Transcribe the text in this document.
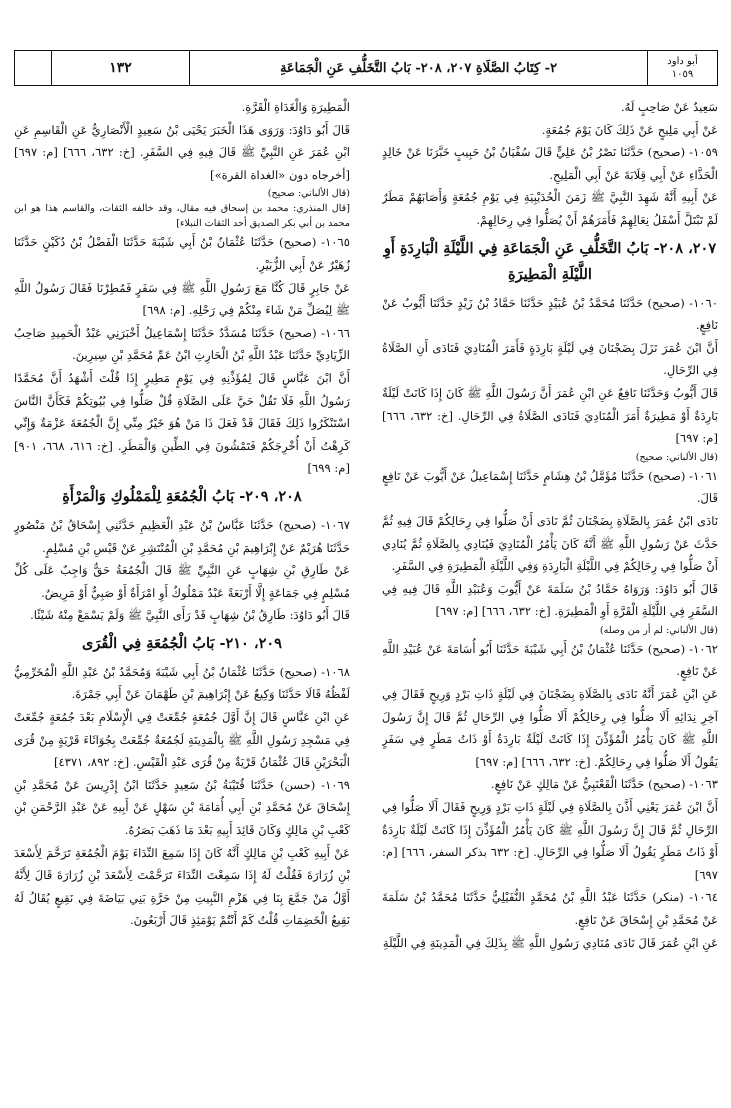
أبو داود
١٠٥٩
٢- كِتَابُ الصَّلَاةِ ٢٠٧، ٢٠٨- بَابُ التَّخَلُّفِ عَنِ الْجَمَاعَةِ
١٣٢

سَعِيدٌ عَنْ صَاحِبٍ لَهُ.

عَنْ أَبِي مَلِيحٍ عَنْ ذَلِكَ كَانَ يَوْمَ جُمُعَةٍ.

١٠٥٩- (صحيح) حَدَّثَنَا نَصْرُ بْنُ عَلِيٍّ قَالَ سُفْيَانُ بْنُ حَبِيبٍ خَبَّرَنَا عَنْ خَالِدٍ الْحَذَّاءِ عَنْ أَبِي قِلَابَةَ عَنْ أَبِي الْمَلِيحِ.

عَنْ أَبِيهِ أَنَّهُ شَهِدَ النَّبِيَّ ﷺ زَمَنَ الْحُدَيْبِيَةِ فِي يَوْمِ جُمُعَةٍ وَأَصَابَهُمْ مَطَرٌ لَمْ تَبْتَلَّ أَسْفَلُ نِعَالِهِمْ فَأَمَرَهُمْ أَنْ يُصَلُّوا فِي رِحَالِهِمْ.

٢٠٧، ٢٠٨- بَابُ التَّخَلُّفِ عَنِ الْجَمَاعَةِ فِي اللَّيْلَةِ الْبَارِدَةِ أَوِ اللَّيْلَةِ الْمَطِيرَةِ

١٠٦٠- (صحيح) حَدَّثَنَا مُحَمَّدُ بْنُ عُبَيْدٍ حَدَّثَنَا حَمَّادُ بْنُ زَيْدٍ حَدَّثَنَا أَيُّوبُ عَنْ نَافِعٍ.

أَنَّ ابْنَ عُمَرَ نَزَلَ بِضَجْنَانَ فِي لَيْلَةٍ بَارِدَةٍ فَأَمَرَ الْمُنَادِيَ فَنَادَى أَنِ الصَّلَاةُ فِي الرِّحَالِ.

قَالَ أَيُّوبُ وَحَدَّثَنَا نَافِعٌ عَنِ ابْنِ عُمَرَ أَنَّ رَسُولَ اللَّهِ ﷺ كَانَ إِذَا كَانَتْ لَيْلَةٌ بَارِدَةٌ أَوْ مَطِيرَةٌ أَمَرَ الْمُنَادِيَ فَنَادَى الصَّلَاةُ فِي الرِّحَالِ. [خ: ٦٣٢، ٦٦٦] [م: ٦٩٧]

(قال الألباني: صحيح)

١٠٦١- (صحيح) حَدَّثَنَا مُؤَمَّلُ بْنُ هِشَامٍ حَدَّثَنَا إِسْمَاعِيلُ عَنْ أَيُّوبَ عَنْ نَافِعٍ قَالَ.

نَادَى ابْنُ عُمَرَ بِالصَّلَاةِ بِضَجْنَانَ ثُمَّ نَادَى أَنْ صَلُّوا فِي رِحَالِكُمْ قَالَ فِيهِ ثُمَّ حَدَّثَ عَنْ رَسُولِ اللَّهِ ﷺ أَنَّهُ كَانَ يَأْمُرُ الْمُنَادِيَ فَيُنَادِي بِالصَّلَاةِ ثُمَّ يُنَادِي أَنْ صَلُّوا فِي رِحَالِكُمْ فِي اللَّيْلَةِ الْبَارِدَةِ وَفِي اللَّيْلَةِ الْمَطِيرَةِ فِي السَّفَرِ.

قَالَ أَبُو دَاوُدَ: وَرَوَاهُ حَمَّادُ بْنُ سَلَمَةَ عَنْ أَيُّوبَ وَعُبَيْدِ اللَّهِ قَالَ فِيهِ فِي السَّفَرِ فِي اللَّيْلَةِ الْقَرَّةِ أَوِ الْمَطِيرَةِ. [خ: ٦٣٢، ٦٦٦] [م: ٦٩٧]

(قال الألباني: لم أر من وصله)

١٠٦٢- (صحيح) حَدَّثَنَا عُثْمَانُ بْنُ أَبِي شَيْبَةَ حَدَّثَنَا أَبُو أُسَامَةَ عَنْ عُبَيْدِ اللَّهِ عَنْ نَافِعٍ.

عَنِ ابْنِ عُمَرَ أَنَّهُ نَادَى بِالصَّلَاةِ بِضَجْنَانَ فِي لَيْلَةٍ ذَاتِ بَرْدٍ وَرِيحٍ فَقَالَ فِي آخِرِ نِدَائِهِ أَلَا صَلُّوا فِي رِحَالِكُمْ أَلَا صَلُّوا فِي الرِّحَالِ ثُمَّ قَالَ إِنَّ رَسُولَ اللَّهِ ﷺ كَانَ يَأْمُرُ الْمُؤَذِّنَ إِذَا كَانَتْ لَيْلَةٌ بَارِدَةٌ أَوْ ذَاتُ مَطَرٍ فِي سَفَرٍ يَقُولُ أَلَا صَلُّوا فِي رِحَالِكُمْ. [خ: ٦٣٢، ٦٦٦] [م: ٦٩٧]

١٠٦٣- (صحيح) حَدَّثَنَا الْقَعْنَبِيُّ عَنْ مَالِكٍ عَنْ نَافِعٍ.

أَنَّ ابْنَ عُمَرَ يَعْنِي أَذَّنَ بِالصَّلَاةِ فِي لَيْلَةٍ ذَاتِ بَرْدٍ وَرِيحٍ فَقَالَ أَلَا صَلُّوا فِي الرِّحَالِ ثُمَّ قَالَ إِنَّ رَسُولَ اللَّهِ ﷺ كَانَ يَأْمُرُ الْمُؤَذِّنَ إِذَا كَانَتْ لَيْلَةٌ بَارِدَةٌ أَوْ ذَاتُ مَطَرٍ يَقُولُ أَلَا صَلُّوا فِي الرِّحَالِ. [خ: ٦٣٢ بذكر السفر، ٦٦٦] [م: ٦٩٧]

١٠٦٤- (منكر) حَدَّثَنَا عَبْدُ اللَّهِ بْنُ مُحَمَّدٍ النُّفَيْلِيُّ حَدَّثَنَا مُحَمَّدُ بْنُ سَلَمَةَ عَنْ مُحَمَّدِ بْنِ إِسْحَاقَ عَنْ نَافِعٍ.

عَنِ ابْنِ عُمَرَ قَالَ نَادَى مُنَادِي رَسُولِ اللَّهِ ﷺ بِذَلِكَ فِي الْمَدِينَةِ فِي اللَّيْلَةِ

الْمَطِيرَةِ وَالْغَدَاةِ الْقَرَّةِ.

قَالَ أَبُو دَاوُدَ: وَرَوَى هَذَا الْخَبَرَ يَحْيَى بْنُ سَعِيدٍ الْأَنْصَارِيُّ عَنِ الْقَاسِمِ عَنِ ابْنِ عُمَرَ عَنِ النَّبِيِّ ﷺ قَالَ فِيهِ فِي السَّفَرِ. [خ: ٦٣٢، ٦٦٦] [م: ٦٩٧] [أخرجاه دون «الغداة القرة»]

(قال الألباني: صحيح)

[قال المنذري: محمد بن إسحاق فيه مقال، وقد خالفه الثقات، والقاسم هذا هو ابن محمد بن أبي بكر الصديق أحد الثقات النبلاء]

١٠٦٥- (صحيح) حَدَّثَنَا عُثْمَانُ بْنُ أَبِي شَيْبَةَ حَدَّثَنَا الْفَضْلُ بْنُ دُكَيْنٍ حَدَّثَنَا زُهَيْرٌ عَنْ أَبِي الزُّبَيْرِ.

عَنْ جَابِرٍ قَالَ كُنَّا مَعَ رَسُولِ اللَّهِ ﷺ فِي سَفَرٍ فَمُطِرْنَا فَقَالَ رَسُولُ اللَّهِ ﷺ لِيُصَلِّ مَنْ شَاءَ مِنْكُمْ فِي رَحْلِهِ. [م: ٦٩٨]

١٠٦٦- (صحيح) حَدَّثَنَا مُسَدَّدٌ حَدَّثَنَا إِسْمَاعِيلُ أَخْبَرَنِي عَبْدُ الْحَمِيدِ صَاحِبُ الزِّيَادِيِّ حَدَّثَنَا عَبْدُ اللَّهِ بْنُ الْحَارِثِ ابْنُ عَمِّ مُحَمَّدِ بْنِ سِيرِينَ.

أَنَّ ابْنَ عَبَّاسٍ قَالَ لِمُؤَذِّنِهِ فِي يَوْمٍ مَطِيرٍ إِذَا قُلْتَ أَشْهَدُ أَنَّ مُحَمَّدًا رَسُولُ اللَّهِ فَلَا تَقُلْ حَيَّ عَلَى الصَّلَاةِ قُلْ صَلُّوا فِي بُيُوتِكُمْ فَكَأَنَّ النَّاسَ اسْتَنْكَرُوا ذَلِكَ فَقَالَ قَدْ فَعَلَ ذَا مَنْ هُوَ خَيْرٌ مِنِّي إِنَّ الْجُمُعَةَ عَزْمَةٌ وَإِنِّي كَرِهْتُ أَنْ أُخْرِجَكُمْ فَتَمْشُونَ فِي الطِّينِ وَالْمَطَرِ. [خ: ٦١٦، ٦٦٨، ٩٠١] [م: ٦٩٩]

٢٠٨، ٢٠٩- بَابُ الْجُمُعَةِ لِلْمَمْلُوكِ وَالْمَرْأَةِ

١٠٦٧- (صحيح) حَدَّثَنَا عَبَّاسُ بْنُ عَبْدِ الْعَظِيمِ حَدَّثَنِي إِسْحَاقُ بْنُ مَنْصُورٍ حَدَّثَنَا هُرَيْمٌ عَنْ إِبْرَاهِيمَ بْنِ مُحَمَّدِ بْنِ الْمُنْتَشِرِ عَنْ قَيْسِ بْنِ مُسْلِمٍ.

عَنْ طَارِقِ بْنِ شِهَابٍ عَنِ النَّبِيِّ ﷺ قَالَ الْجُمُعَةُ حَقٌّ وَاجِبٌ عَلَى كُلِّ مُسْلِمٍ فِي جَمَاعَةٍ إِلَّا أَرْبَعَةً عَبْدٌ مَمْلُوكٌ أَوِ امْرَأَةٌ أَوْ صَبِيٌّ أَوْ مَرِيضٌ.

قَالَ أَبُو دَاوُدَ: طَارِقُ بْنُ شِهَابٍ قَدْ رَأَى النَّبِيَّ ﷺ وَلَمْ يَسْمَعْ مِنْهُ شَيْئًا.

٢٠٩، ٢١٠- بَابُ الْجُمُعَةِ فِي الْقُرَى

١٠٦٨- (صحيح) حَدَّثَنَا عُثْمَانُ بْنُ أَبِي شَيْبَةَ وَمُحَمَّدُ بْنُ عَبْدِ اللَّهِ الْمُخَرِّمِيُّ لَفْظُهُ قَالَا حَدَّثَنَا وَكِيعٌ عَنْ إِبْرَاهِيمَ بْنِ طَهْمَانَ عَنْ أَبِي جَمْرَةَ.

عَنِ ابْنِ عَبَّاسٍ قَالَ إِنَّ أَوَّلَ جُمُعَةٍ جُمِّعَتْ فِي الْإِسْلَامِ بَعْدَ جُمُعَةٍ جُمِّعَتْ فِي مَسْجِدِ رَسُولِ اللَّهِ ﷺ بِالْمَدِينَةِ لَجُمُعَةٌ جُمِّعَتْ بِجُوَاثَاءَ قَرْيَةٍ مِنْ قُرَى الْبَحْرَيْنِ قَالَ عُثْمَانُ قَرْيَةٌ مِنْ قُرَى عَبْدِ الْقَيْسِ. [خ: ٨٩٢، ٤٣٧١]

١٠٦٩- (حسن) حَدَّثَنَا قُتَيْبَةُ بْنُ سَعِيدٍ حَدَّثَنَا ابْنُ إِدْرِيسَ عَنْ مُحَمَّدِ بْنِ إِسْحَاقَ عَنْ مُحَمَّدِ بْنِ أَبِي أُمَامَةَ بْنِ سَهْلٍ عَنْ أَبِيهِ عَنْ عَبْدِ الرَّحْمَنِ بْنِ كَعْبِ بْنِ مَالِكٍ وَكَانَ قَائِدَ أَبِيهِ بَعْدَ مَا ذَهَبَ بَصَرُهُ.

عَنْ أَبِيهِ كَعْبِ بْنِ مَالِكٍ أَنَّهُ كَانَ إِذَا سَمِعَ النِّدَاءَ يَوْمَ الْجُمُعَةِ تَرَحَّمَ لِأَسْعَدَ بْنِ زُرَارَةَ فَقُلْتُ لَهُ إِذَا سَمِعْتَ النِّدَاءَ تَرَحَّمْتَ لِأَسْعَدَ بْنِ زُرَارَةَ قَالَ لِأَنَّهُ أَوَّلُ مَنْ جَمَّعَ بِنَا فِي هَزْمِ النَّبِيتِ مِنْ حَرَّةِ بَنِي بَيَاضَةَ فِي نَقِيعٍ يُقَالُ لَهُ نَقِيعُ الْخَضِمَاتِ قُلْتُ كَمْ أَنْتُمْ يَوْمَئِذٍ قَالَ أَرْبَعُونَ.
